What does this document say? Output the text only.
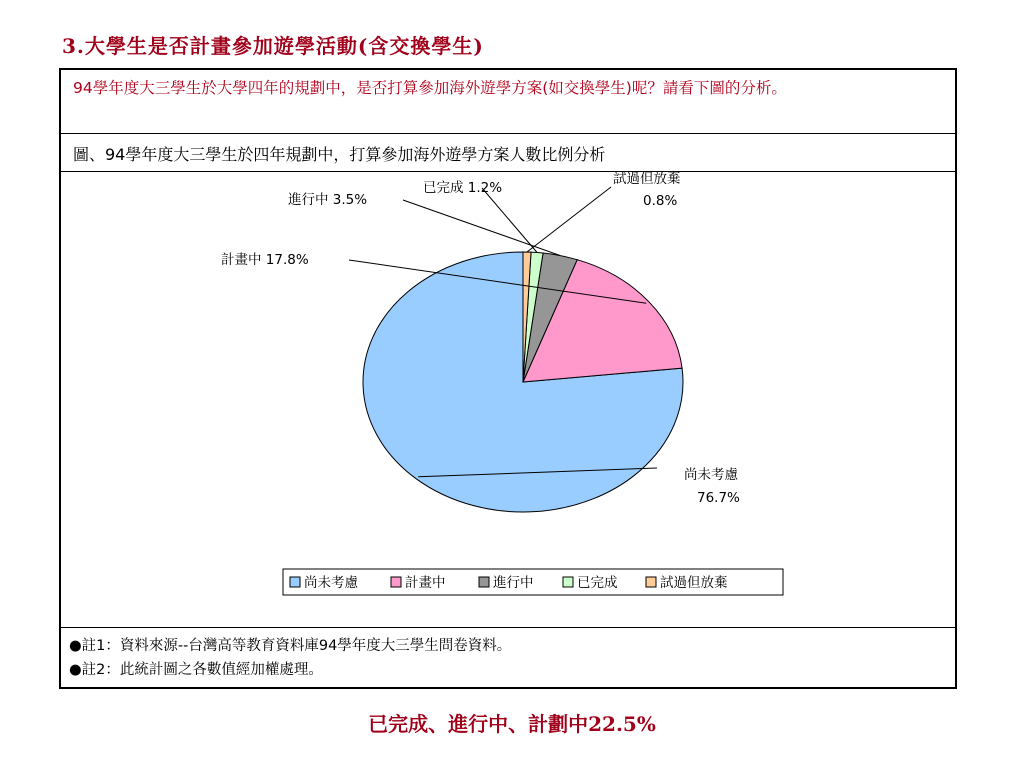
3.大學生是否計畫參加遊學活動(含交換學生)
94學年度大三學生於大學四年的規劃中，是否打算參加海外遊學方案(如交換學生)呢？請看下圖的分析。
圖、94學年度大三學生於四年規劃中，打算參加海外遊學方案人數比例分析
尚未考慮
76.7%
計畫中 17.8%
進行中 3.5%
已完成 1.2%
試過但放棄
0.8%
尚未考慮	計畫中	進行中	已完成	試過但放棄
●註1：資料來源--台灣高等教育資料庫94學年度大三學生問卷資料。
●註2：此統計圖之各數值經加權處理。
已完成、進行中、計劃中22.5%
